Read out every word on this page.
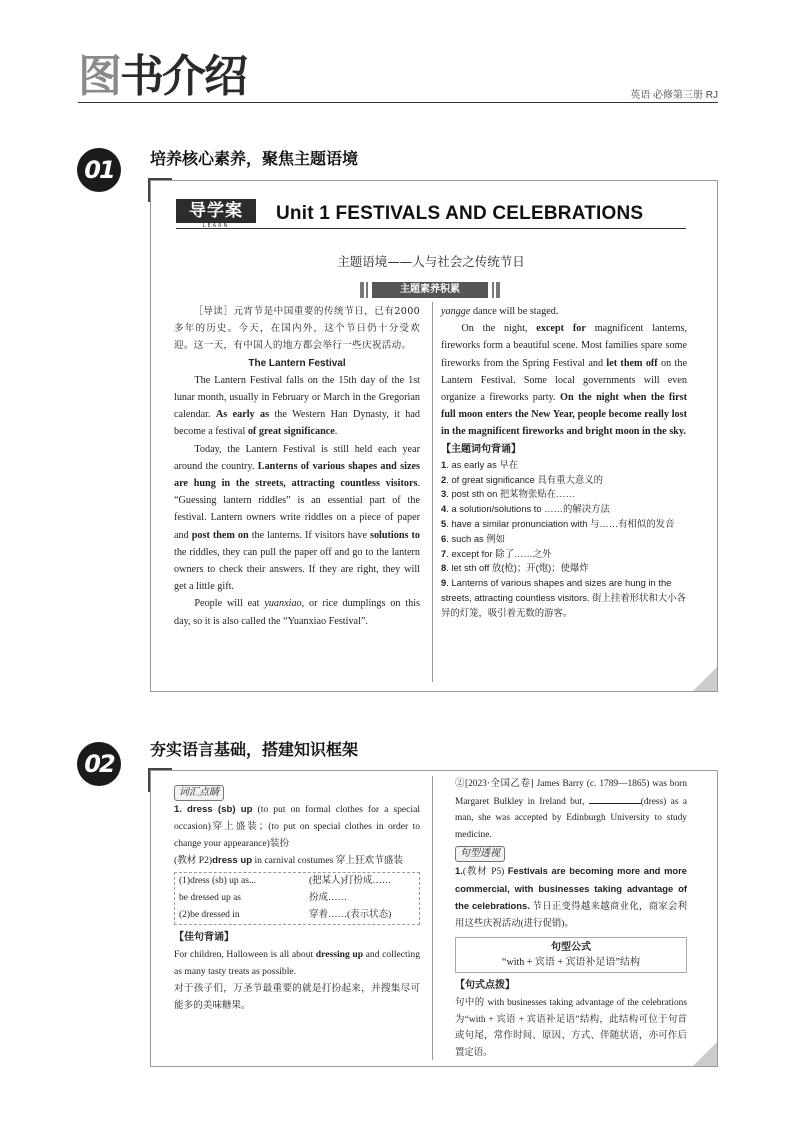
图 书 介 绍	英语 必修第三册 RJ
01	培养核心素养，聚焦主题语境
导学案
LEARN
Unit 1 FESTIVALS AND CELEBRATIONS
主题语境——人与社会之传统节日
主题素养积累

［导读］元宵节是中国重要的传统节日，已有2000 多年的历史。今天，在国内外，这个节日仍十分受欢迎。这一天，有中国人的地方都会举行一些庆祝活动。

The Lantern Festival

The Lantern Festival falls on the 15th day of the 1st lunar month, usually in February or March in the Gregorian calendar. As early as the Western Han Dynasty, it had become a festival of great significance.

Today, the Lantern Festival is still held each year around the country. Lanterns of various shapes and sizes are hung in the streets, attracting countless visitors. “Guessing lantern riddles” is an essential part of the festival. Lantern owners write riddles on a piece of paper and post them on the lanterns. If visitors have solutions to the riddles, they can pull the paper off and go to the lantern owners to check their answers. If they are right, they will get a little gift.

People will eat yuanxiao, or rice dumplings on this day, so it is also called the “Yuanxiao Festival”.

yangge dance will be staged.

On the night, except for magnificent lanterns, fireworks form a beautiful scene. Most families spare some fireworks from the Spring Festival and let them off on the Lantern Festival. Some local governments will even organize a fireworks party. On the night when the first full moon enters the New Year, people become really lost in the magnificent fireworks and bright moon in the sky.

【主题词句背诵】

1. as early as 早在
2. of great significance 具有重大意义的
3. post sth on 把某物张贴在……
4. a solution/solutions to ……的解决方法
5. have a similar pronunciation with 与……有相似的发音
6. such as 例如
7. except for 除了……之外
8. let sth off 放(枪)；开(炮)；使爆炸
9. Lanterns of various shapes and sizes are hung in the streets, attracting countless visitors. 街上挂着形状和大小各异的灯笼，吸引着无数的游客。
02
夯实语言基础，搭建知识框架

词汇点睛

1. dress (sb) up (to put on formal clothes for a special occasion)穿上盛装；(to put on special clothes in order to change your appearance)装扮

(教材 P2)dress up in carnival costumes 穿上狂欢节盛装

(1)dress (sb) up as...	(把某人)打扮成……
be dressed up as	扮成……
(2)be dressed in	穿着……(表示状态)

【佳句背诵】

For children, Halloween is all about dressing up and collecting as many tasty treats as possible.

对于孩子们，万圣节最重要的就是打扮起来，并搜集尽可能多的美味糖果。

②[2023·全国乙卷] James Barry (c. 1789—1865) was born Margaret Bulkley in Ireland but,	(dress) as a man, she was accepted by Edinburgh University to study medicine.

句型透视

1.(教材 P5) Festivals are becoming more and more commercial, with businesses taking advantage of the celebrations. 节日正变得越来越商业化，商家会利用这些庆祝活动(进行促销)。

句型公式
“with + 宾语 + 宾语补足语”结构

【句式点拨】

句中的 with businesses taking advantage of the celebrations 为“with + 宾语 + 宾语补足语”结构，此结构可位于句首或句尾，常作时间、原因、方式、伴随状语，亦可作后置定语。
